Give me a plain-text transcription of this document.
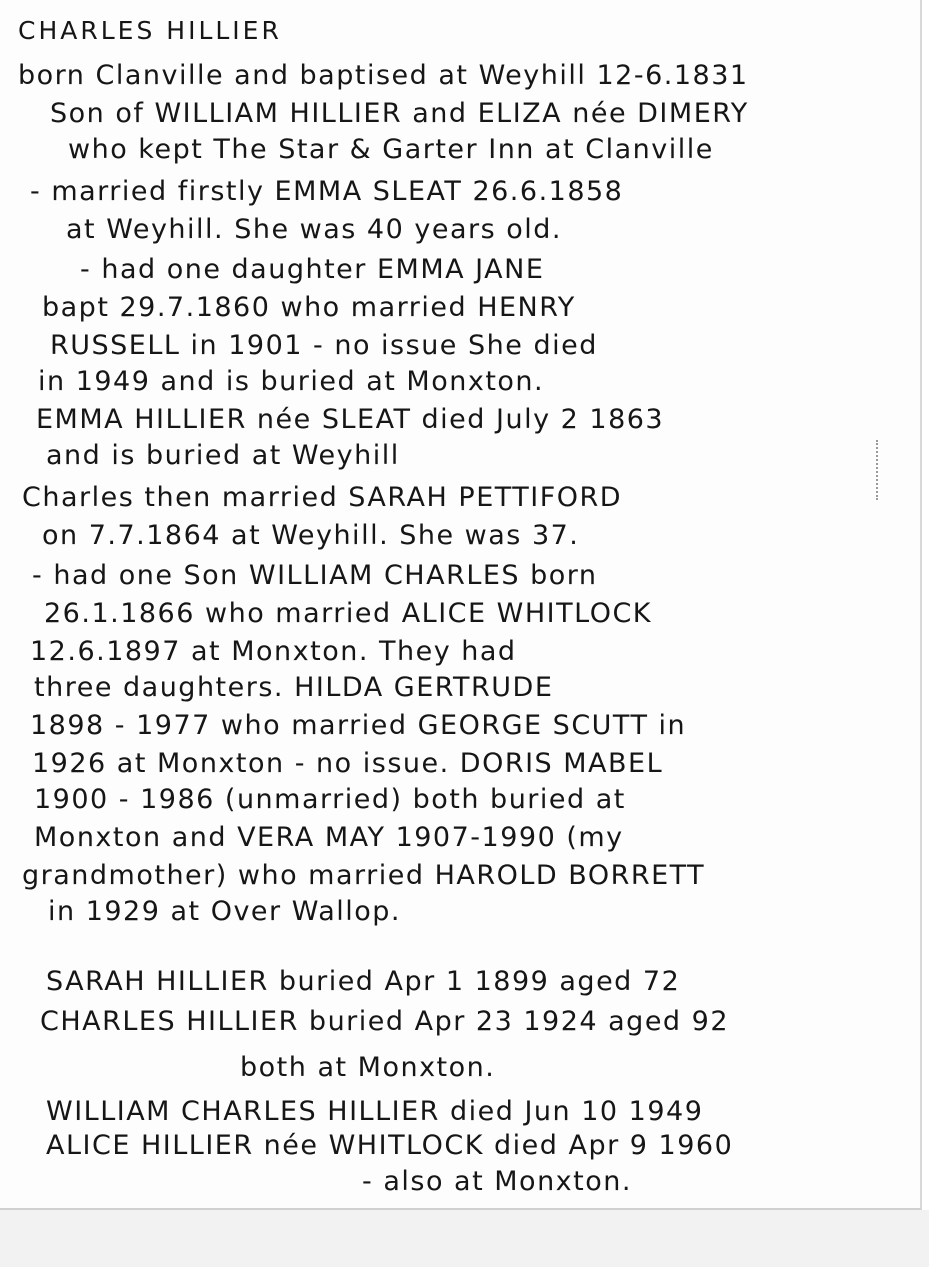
CHARLES HILLIER
born Clanville and baptised at Weyhill 12-6.1831
Son of WILLIAM HILLIER and ELIZA née DIMERY
who kept The Star & Garter Inn at Clanville
- married firstly EMMA SLEAT 26.6.1858
at Weyhill. She was 40 years old.
- had one daughter EMMA JANE
bapt 29.7.1860 who married HENRY
RUSSELL in 1901 - no issue She died
in 1949 and is buried at Monxton.
EMMA HILLIER née SLEAT died July 2 1863
and is buried at Weyhill
Charles then married SARAH PETTIFORD
on 7.7.1864 at Weyhill. She was 37.
- had one Son WILLIAM CHARLES born
26.1.1866 who married ALICE WHITLOCK
12.6.1897 at Monxton. They had
three daughters. HILDA GERTRUDE
1898 - 1977 who married GEORGE SCUTT in
1926 at Monxton - no issue. DORIS MABEL
1900 - 1986 (unmarried) both buried at
Monxton and VERA MAY 1907-1990 (my
grandmother) who married HAROLD BORRETT
in 1929 at Over Wallop.
SARAH HILLIER buried Apr 1 1899 aged 72
CHARLES HILLIER buried Apr 23 1924 aged 92
both at Monxton.
WILLIAM CHARLES HILLIER died Jun 10 1949
ALICE HILLIER née WHITLOCK died Apr 9 1960
- also at Monxton.
